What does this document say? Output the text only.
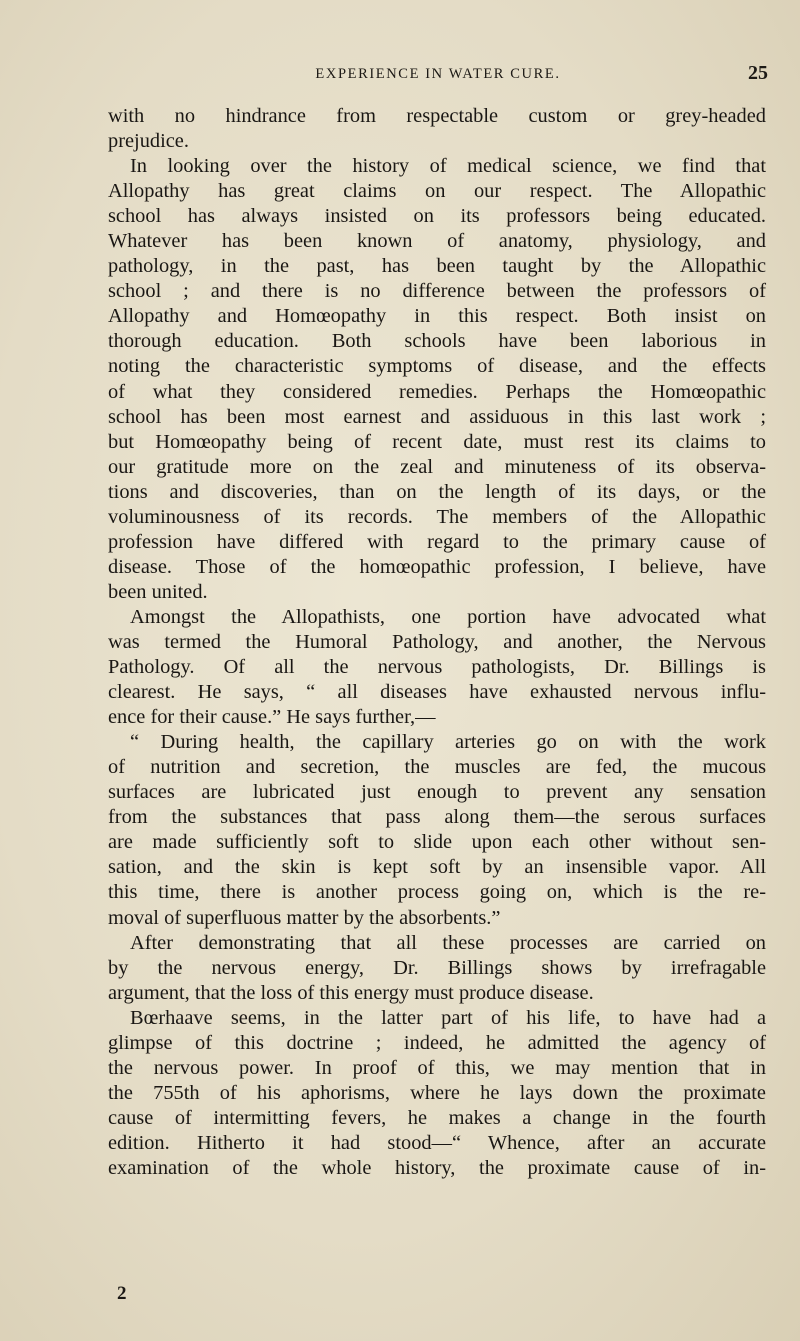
EXPERIENCE IN WATER CURE.	25
with no hindrance from respectable custom or grey-headed
prejudice.
In looking over the history of medical science, we find that
Allopathy has great claims on our respect. The Allopathic
school has always insisted on its professors being educated.
Whatever has been known of anatomy, physiology, and
pathology, in the past, has been taught by the Allopathic
school ; and there is no difference between the professors of
Allopathy and Homœopathy in this respect. Both insist on
thorough education. Both schools have been laborious in
noting the characteristic symptoms of disease, and the effects
of what they considered remedies. Perhaps the Homœopathic
school has been most earnest and assiduous in this last work ;
but Homœopathy being of recent date, must rest its claims to
our gratitude more on the zeal and minuteness of its observa-
tions and discoveries, than on the length of its days, or the
voluminousness of its records. The members of the Allopathic
profession have differed with regard to the primary cause of
disease. Those of the homœopathic profession, I believe, have
been united.
Amongst the Allopathists, one portion have advocated what
was termed the Humoral Pathology, and another, the Nervous
Pathology. Of all the nervous pathologists, Dr. Billings is
clearest. He says, “ all diseases have exhausted nervous influ-
ence for their cause.” He says further,—
“ During health, the capillary arteries go on with the work
of nutrition and secretion, the muscles are fed, the mucous
surfaces are lubricated just enough to prevent any sensation
from the substances that pass along them—the serous surfaces
are made sufficiently soft to slide upon each other without sen-
sation, and the skin is kept soft by an insensible vapor. All
this time, there is another process going on, which is the re-
moval of superfluous matter by the absorbents.”
After demonstrating that all these processes are carried on
by the nervous energy, Dr. Billings shows by irrefragable
argument, that the loss of this energy must produce disease.
Bœrhaave seems, in the latter part of his life, to have had a
glimpse of this doctrine ; indeed, he admitted the agency of
the nervous power. In proof of this, we may mention that in
the 755th of his aphorisms, where he lays down the proximate
cause of intermitting fevers, he makes a change in the fourth
edition. Hitherto it had stood—“ Whence, after an accurate
examination of the whole history, the proximate cause of in-
2
